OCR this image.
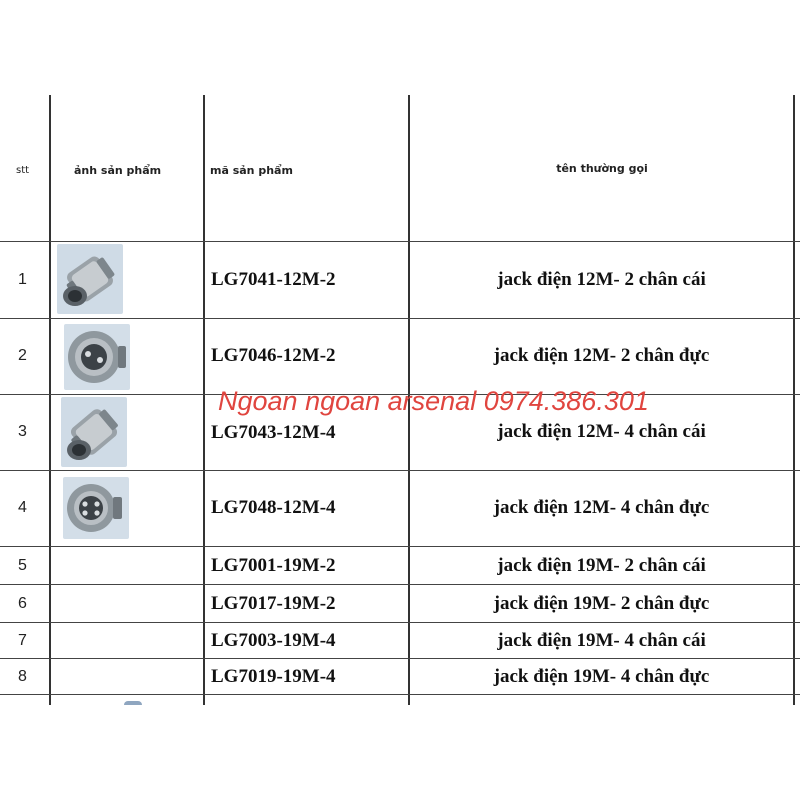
stt	ảnh sản phẩm	mã sản phẩm	tên thường gọi
1	LG7041-12M-2	jack điện 12M- 2 chân cái
2	LG7046-12M-2	jack điện 12M- 2 chân đực
3	LG7043-12M-4	jack điện 12M- 4 chân cái
4	LG7048-12M-4	jack điện 12M- 4 chân đực
5	LG7001-19M-2	jack điện 19M- 2 chân cái
6	LG7017-19M-2	jack điện 19M- 2 chân đực
7	LG7003-19M-4	jack điện 19M- 4 chân cái
8	LG7019-19M-4	jack điện 19M- 4 chân đực
Ngoan ngoan arsenal 0974.386.301
